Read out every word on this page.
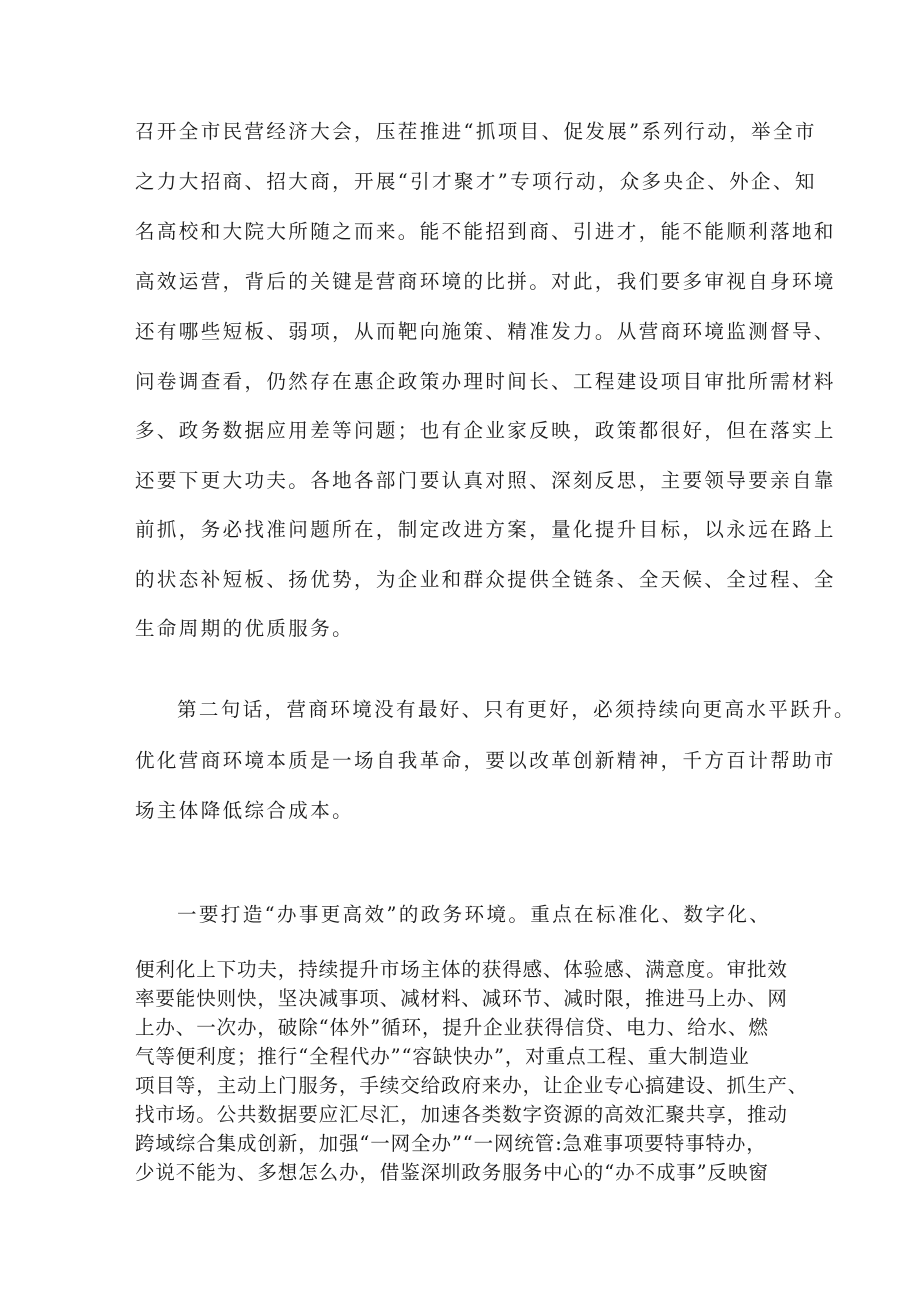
召开全市民营经济大会，压茬推进“抓项目、促发展”系列行动，举全市
之力大招商、招大商，开展“引才聚才”专项行动，众多央企、外企、知
名高校和大院大所随之而来。能不能招到商、引进才，能不能顺利落地和
高效运营，背后的关键是营商环境的比拼。对此，我们要多审视自身环境
还有哪些短板、弱项，从而靶向施策、精准发力。从营商环境监测督导、
问卷调查看，仍然存在惠企政策办理时间长、工程建设项目审批所需材料
多、政务数据应用差等问题；也有企业家反映，政策都很好，但在落实上
还要下更大功夫。各地各部门要认真对照、深刻反思，主要领导要亲自靠
前抓，务必找准问题所在，制定改进方案，量化提升目标，以永远在路上
的状态补短板、扬优势，为企业和群众提供全链条、全天候、全过程、全
生命周期的优质服务。
第二句话，营商环境没有最好、只有更好，必须持续向更高水平跃升。
优化营商环境本质是一场自我革命，要以改革创新精神，千方百计帮助市
场主体降低综合成本。
一要打造“办事更高效”的政务环境。重点在标准化、数字化、
便利化上下功夫，持续提升市场主体的获得感、体验感、满意度。审批效
率要能快则快，坚决减事项、减材料、减环节、减时限，推进马上办、网
上办、一次办，破除“体外”循环，提升企业获得信贷、电力、给水、燃
气等便利度；推行“全程代办”“容缺快办”，对重点工程、重大制造业
项目等，主动上门服务，手续交给政府来办，让企业专心搞建设、抓生产、
找市场。公共数据要应汇尽汇，加速各类数字资源的高效汇聚共享，推动
跨域综合集成创新，加强“一网全办”“一网统管:急难事项要特事特办，
少说不能为、多想怎么办，借鉴深圳政务服务中心的“办不成事”反映窗
